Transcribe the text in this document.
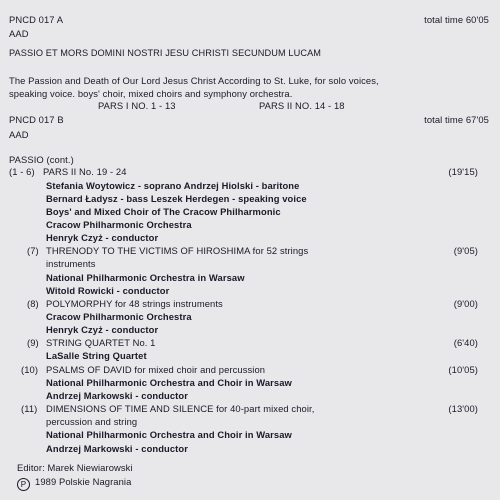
PNCD 017 A	total time 60'05
AAD
PASSIO ET MORS DOMINI NOSTRI JESU CHRISTI SECUNDUM LUCAM
The Passion and Death of Our Lord Jesus Christ According to St. Luke, for solo voices,
speaking voice. boys' choir, mixed choirs and symphony orchestra.
PARS I NO. 1 - 13	PARS II NO. 14 - 18
PNCD 017 B	total time 67'05
AAD
PASSIO (cont.)
(1 - 6) PARS II No. 19 - 24	(19'15)
Stefania Woytowicz - soprano Andrzej Hiolski - baritone
Bernard Ładysz - bass Leszek Herdegen - speaking voice
Boys' and Mixed Choir of The Cracow Philharmonic
Cracow Philharmonic Orchestra
Henryk Czyż - conductor
(7) THRENODY TO THE VICTIMS OF HIROSHIMA for 52 strings	(9'05)
instruments
National Philharmonic Orchestra in Warsaw
Witold Rowicki - conductor
(8) POLYMORPHY for 48 strings instruments	(9'00)
Cracow Philharmonic Orchestra
Henryk Czyż - conductor
(9) STRING QUARTET No. 1	(6'40)
LaSalle String Quartet
(10) PSALMS OF DAVID for mixed choir and percussion	(10'05)
National Philharmonic Orchestra and Choir in Warsaw
Andrzej Markowski - conductor
(11) DIMENSIONS OF TIME AND SILENCE for 40-part mixed choir,	(13'00)
percussion and string
National Philharmonic Orchestra and Choir in Warsaw
Andrzej Markowski - conductor
Editor: Marek Niewiarowski
P 1989 Polskie Nagrania
